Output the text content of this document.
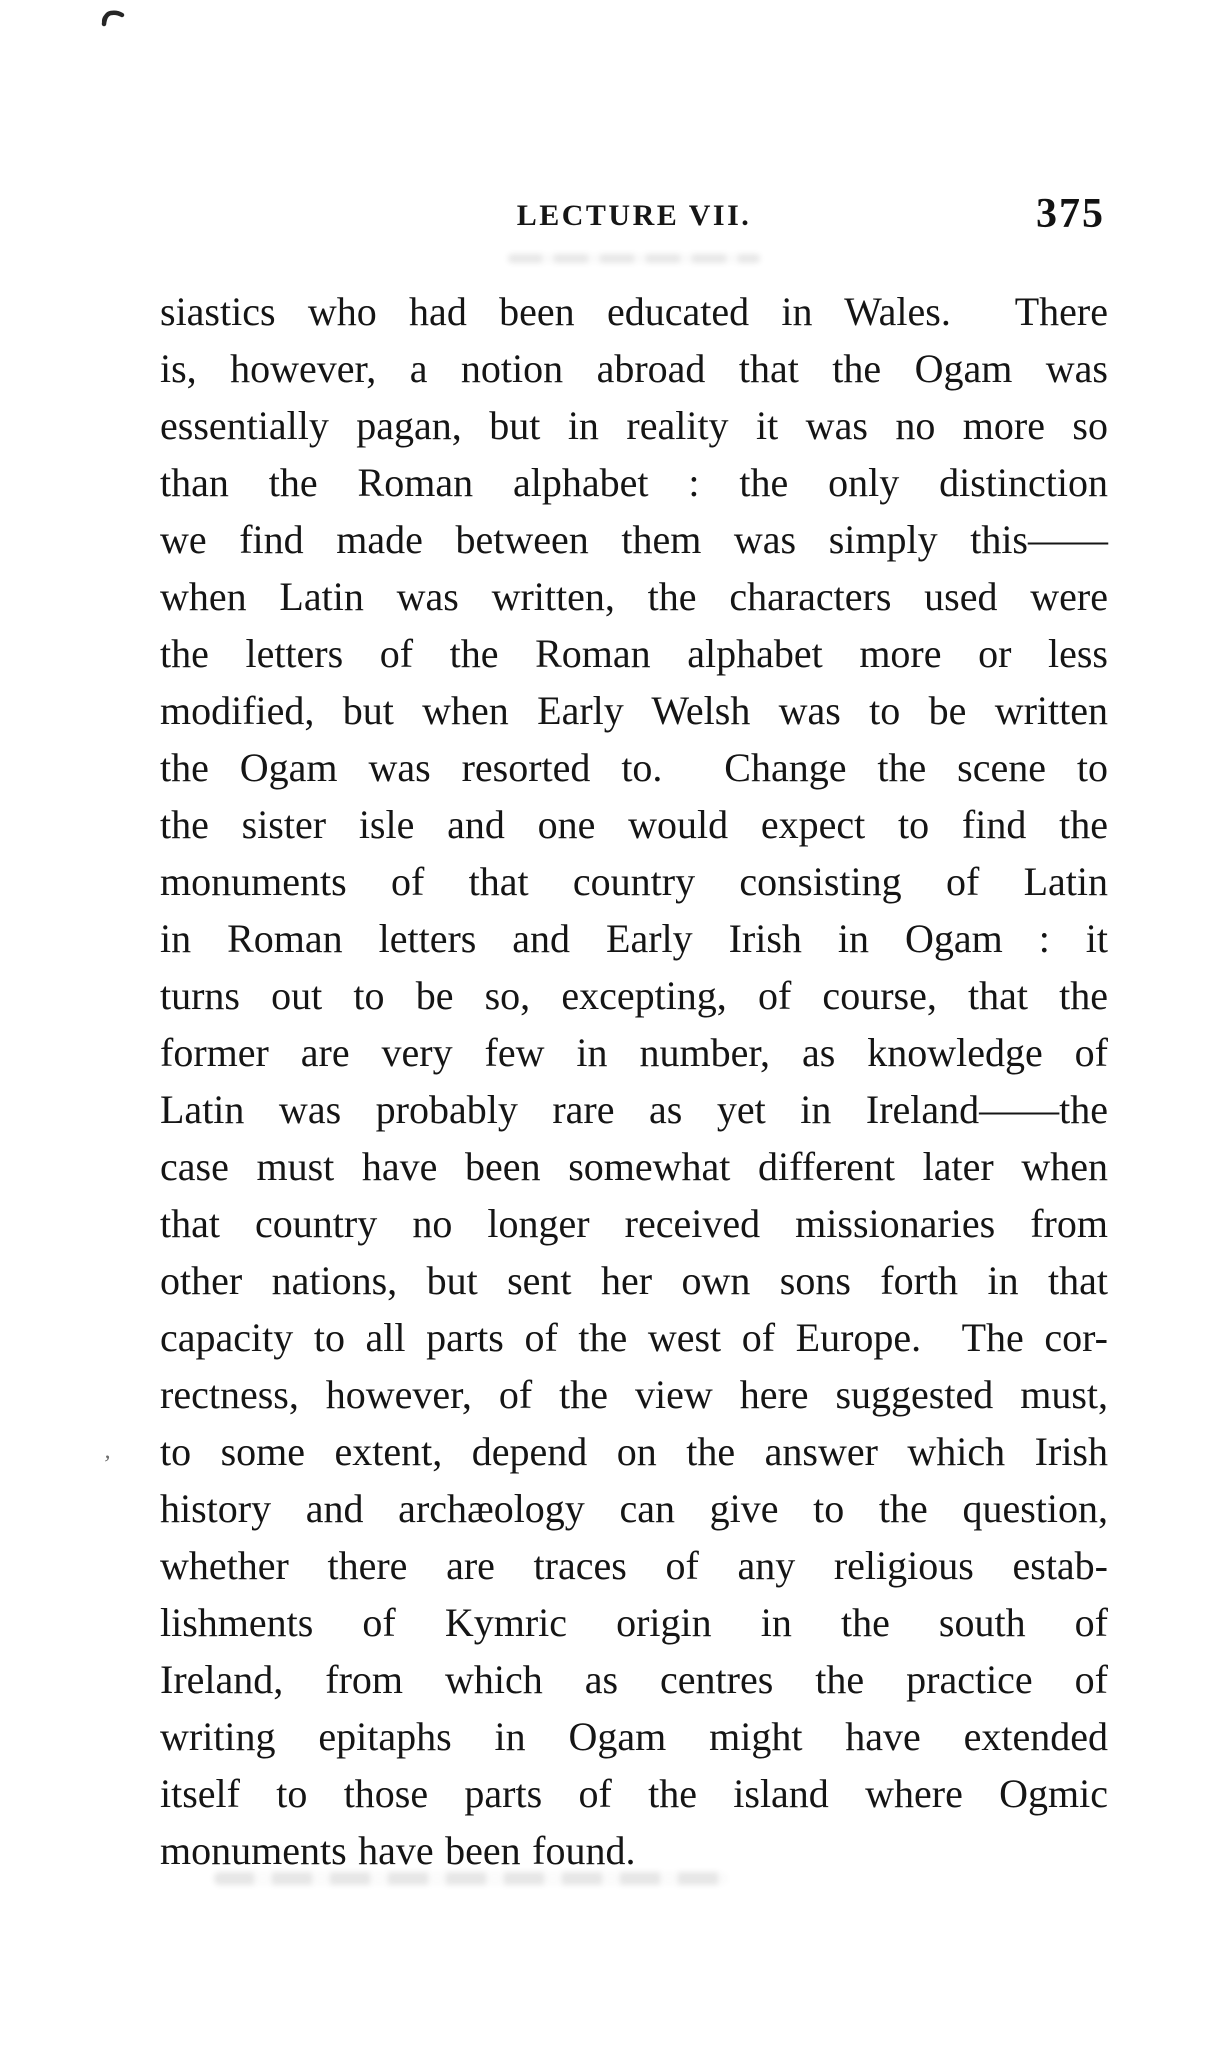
LECTURE VII.	375
siastics who had been educated in Wales.  There
is, however, a notion abroad that the Ogam was
essentially pagan, but in reality it was no more so
than the Roman alphabet : the only distinction
we find made between them was simply this——
when Latin was written, the characters used were
the letters of the Roman alphabet more or less
modified, but when Early Welsh was to be written
the Ogam was resorted to.  Change the scene to
the sister isle and one would expect to find the
monuments of that country consisting of Latin
in Roman letters and Early Irish in Ogam : it
turns out to be so, excepting, of course, that the
former are very few in number, as knowledge of
Latin was probably rare as yet in Ireland——the
case must have been somewhat different later when
that country no longer received missionaries from
other nations, but sent her own sons forth in that
capacity to all parts of the west of Europe.  The cor-
rectness, however, of the view here suggested must,
to some extent, depend on the answer which Irish
history and archæology can give to the question,
whether there are traces of any religious estab-
lishments of Kymric origin in the south of
Ireland, from which as centres the practice of
writing epitaphs in Ogam might have extended
itself to those parts of the island where Ogmic
monuments have been found.
‚
